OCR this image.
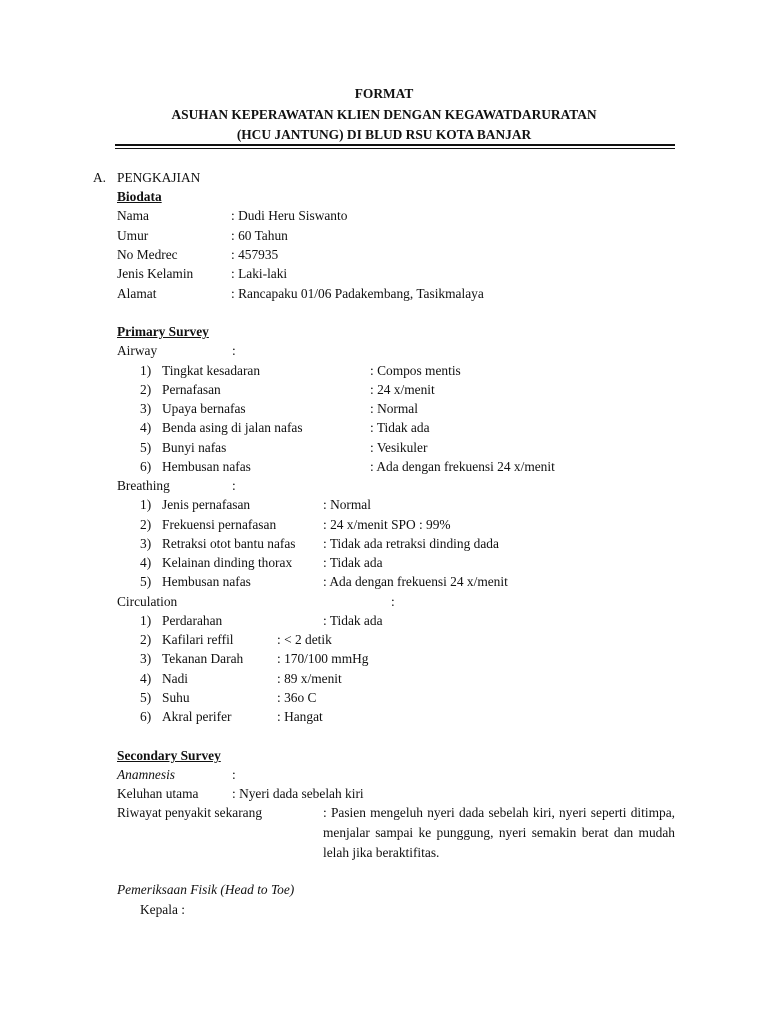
FORMAT
ASUHAN KEPERAWATAN KLIEN DENGAN KEGAWATDARURATAN
(HCU JANTUNG) DI BLUD RSU KOTA BANJAR
A. PENGKAJIAN
Biodata
Nama	: Dudi Heru Siswanto
Umur	: 60 Tahun
No Medrec	: 457935
Jenis Kelamin	: Laki-laki
Alamat	: Rancapaku 01/06 Padakembang, Tasikmalaya
Primary Survey
Airway	:
1) Tingkat kesadaran	: Compos mentis
2) Pernafasan	: 24 x/menit
3) Upaya bernafas	: Normal
4) Benda asing di jalan nafas	: Tidak ada
5) Bunyi nafas	: Vesikuler
6) Hembusan nafas	: Ada dengan frekuensi 24 x/menit
Breathing	:
1) Jenis pernafasan	: Normal
2) Frekuensi pernafasan	: 24 x/menit SPO : 99%
3) Retraksi otot bantu nafas : Tidak ada retraksi dinding dada
4) Kelainan dinding thorax : Tidak ada
5) Hembusan nafas	: Ada dengan frekuensi 24 x/menit
Circulation	:
1) Perdarahan	: Tidak ada
2) Kafilari reffil	: < 2 detik
3) Tekanan Darah	: 170/100 mmHg
4) Nadi	: 89 x/menit
5) Suhu	: 36o C
6) Akral perifer	: Hangat
Secondary Survey
Anamnesis	:
Keluhan utama	: Nyeri dada sebelah kiri
Riwayat penyakit sekarang	: Pasien mengeluh nyeri dada sebelah kiri, nyeri seperti ditimpa, menjalar sampai ke punggung, nyeri semakin berat dan mudah lelah jika beraktifitas.
Pemeriksaan Fisik (Head to Toe)
Kepala :
